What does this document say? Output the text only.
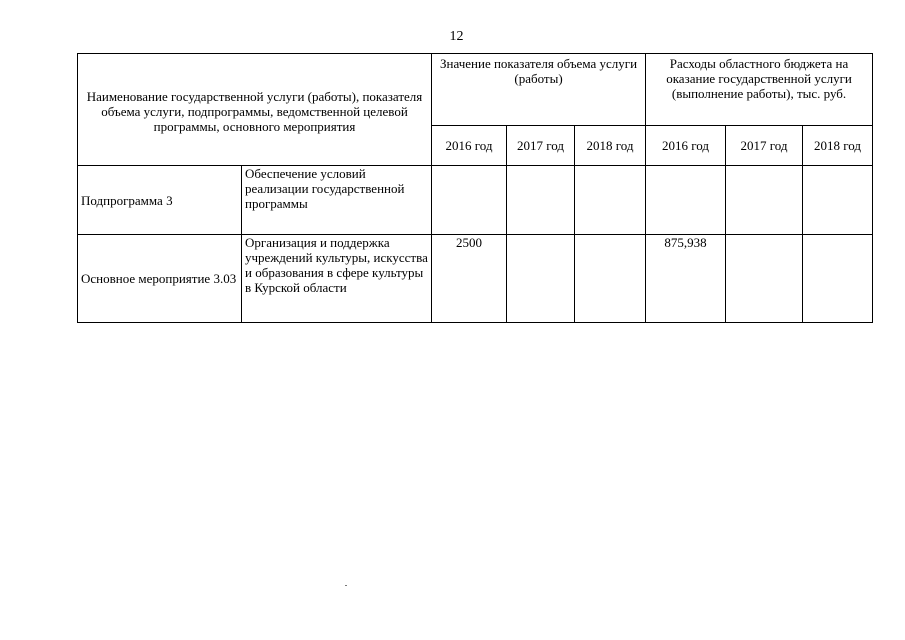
12
Наименование государственной услуги (работы), показателя объема услуги, подпрограммы, ведомственной целевой программы, основного мероприятия		Значение показателя объема услуги (работы)			Расходы областного бюджета на оказание государственной услуги (выполнение работы), тыс. руб.		
		2016 год	2017 год	2018 год	2016 год	2017 год	2018 год
Подпрограмма 3	Обеспечение условий реализации государственной программы						
Основное мероприятие 3.03	Организация и поддержка учреждений культуры, искусства и образования в сфере культуры в Курской области	2500			875,938		
